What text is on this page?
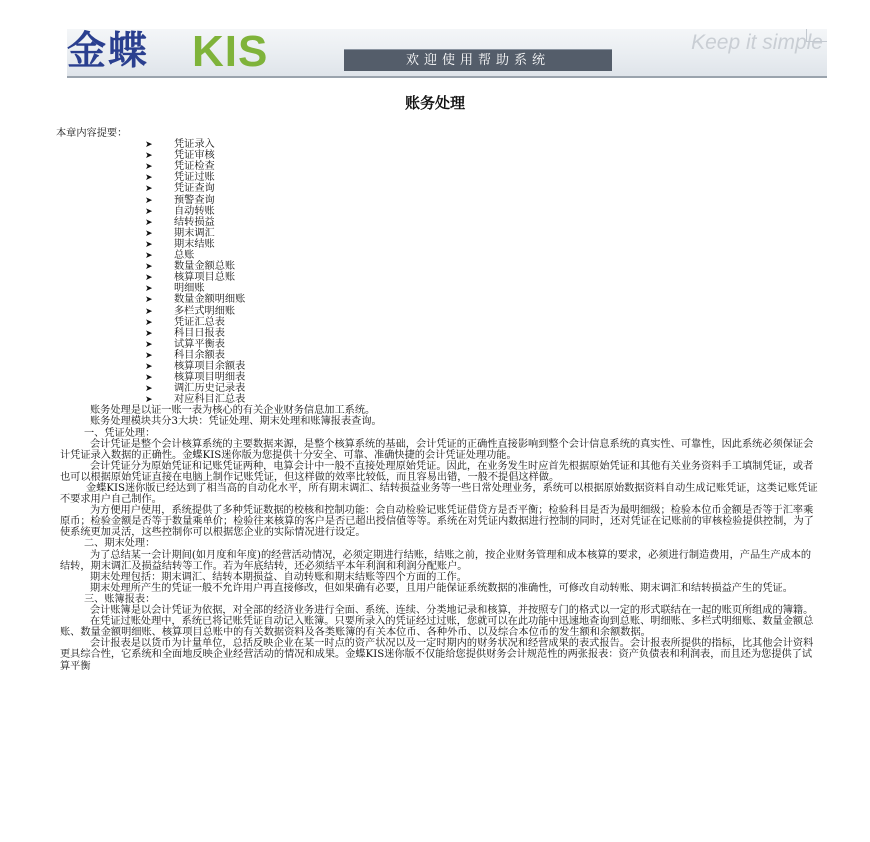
金蝶 KIS	欢迎使用帮助系统
Keep it simple
账务处理

本章内容提要：

➤ 凭证录入
➤ 凭证审核
➤ 凭证检查
➤ 凭证过账
➤ 凭证查询
➤ 预警查询
➤ 自动转账
➤ 结转损益
➤ 期末调汇
➤ 期末结账
➤ 总账
➤ 数量金额总账
➤ 核算项目总账
➤ 明细账
➤ 数量金额明细账
➤ 多栏式明细账
➤ 凭证汇总表
➤ 科目日报表
➤ 试算平衡表
➤ 科目余额表
➤ 核算项目余额表
➤ 核算项目明细表
➤ 调汇历史记录表
➤ 对应科目汇总表

账务处理是以证一账一表为核心的有关企业财务信息加工系统。

账务处理模块共分3大块：凭证处理、期末处理和账簿报表查询。

一、凭证处理：

会计凭证是整个会计核算系统的主要数据来源，是整个核算系统的基础，会计凭证的正确性直接影响到整个会计信息系统的真实性、可靠性，因此系统必须保证会计凭证录入数据的正确性。金蝶KIS迷你版为您提供十分安全、可靠、准确快捷的会计凭证处理功能。

会计凭证分为原始凭证和记账凭证两种，电算会计中一般不直接处理原始凭证。因此，在业务发生时应首先根据原始凭证和其他有关业务资料手工填制凭证，或者也可以根据原始凭证直接在电脑上制作记账凭证，但这样做的效率比较低，而且容易出错，一般不提倡这样做。

金蝶KIS迷你版已经达到了相当高的自动化水平，所有期末调汇、结转损益业务等一些日常处理业务，系统可以根据原始数据资料自动生成记账凭证，这类记账凭证不要求用户自己制作。

为方便用户使用，系统提供了多种凭证数据的校核和控制功能：会自动检验记账凭证借贷方是否平衡；检验科目是否为最明细级；检验本位币金额是否等于汇率乘原币；检验金额是否等于数量乘单价；检验往来核算的客户是否已超出授信值等等。系统在对凭证内数据进行控制的同时，还对凭证在记账前的审核检验提供控制，为了使系统更加灵活，这些控制你可以根据您企业的实际情况进行设定。

二、期末处理：

为了总结某一会计期间(如月度和年度)的经营活动情况，必须定期进行结账，结账之前，按企业财务管理和成本核算的要求，必须进行制造费用，产品生产成本的结转，期末调汇及损益结转等工作。若为年底结转，还必须结平本年利润和利润分配账户。

期末处理包括：期末调汇、结转本期损益、自动转账和期末结账等四个方面的工作。

期末处理所产生的凭证一般不允许用户再直接修改，但如果确有必要，且用户能保证系统数据的准确性，可修改自动转账、期末调汇和结转损益产生的凭证。

三、账簿报表：

会计账簿是以会计凭证为依据，对全部的经济业务进行全面、系统、连续、分类地记录和核算，并按照专门的格式以一定的形式联结在一起的账页所组成的簿籍。

在凭证过账处理中，系统已将记账凭证自动记入账簿。只要所录入的凭证经过过账，您就可以在此功能中迅速地查询到总账、明细账、多栏式明细账、数量金额总账、数量金额明细账、核算项目总账中的有关数据资料及各类账簿的有关本位币、各种外币、以及综合本位币的发生额和余额数据。

会计报表是以货币为计量单位，总括反映企业在某一时点的资产状况以及一定时期内的财务状况和经营成果的表式报告。会计报表所提供的指标，比其他会计资料更具综合性，它系统和全面地反映企业经营活动的情况和成果。金蝶KIS迷你版不仅能给您提供财务会计规范性的两张报表：资产负债表和利润表，而且还为您提供了试算平衡
